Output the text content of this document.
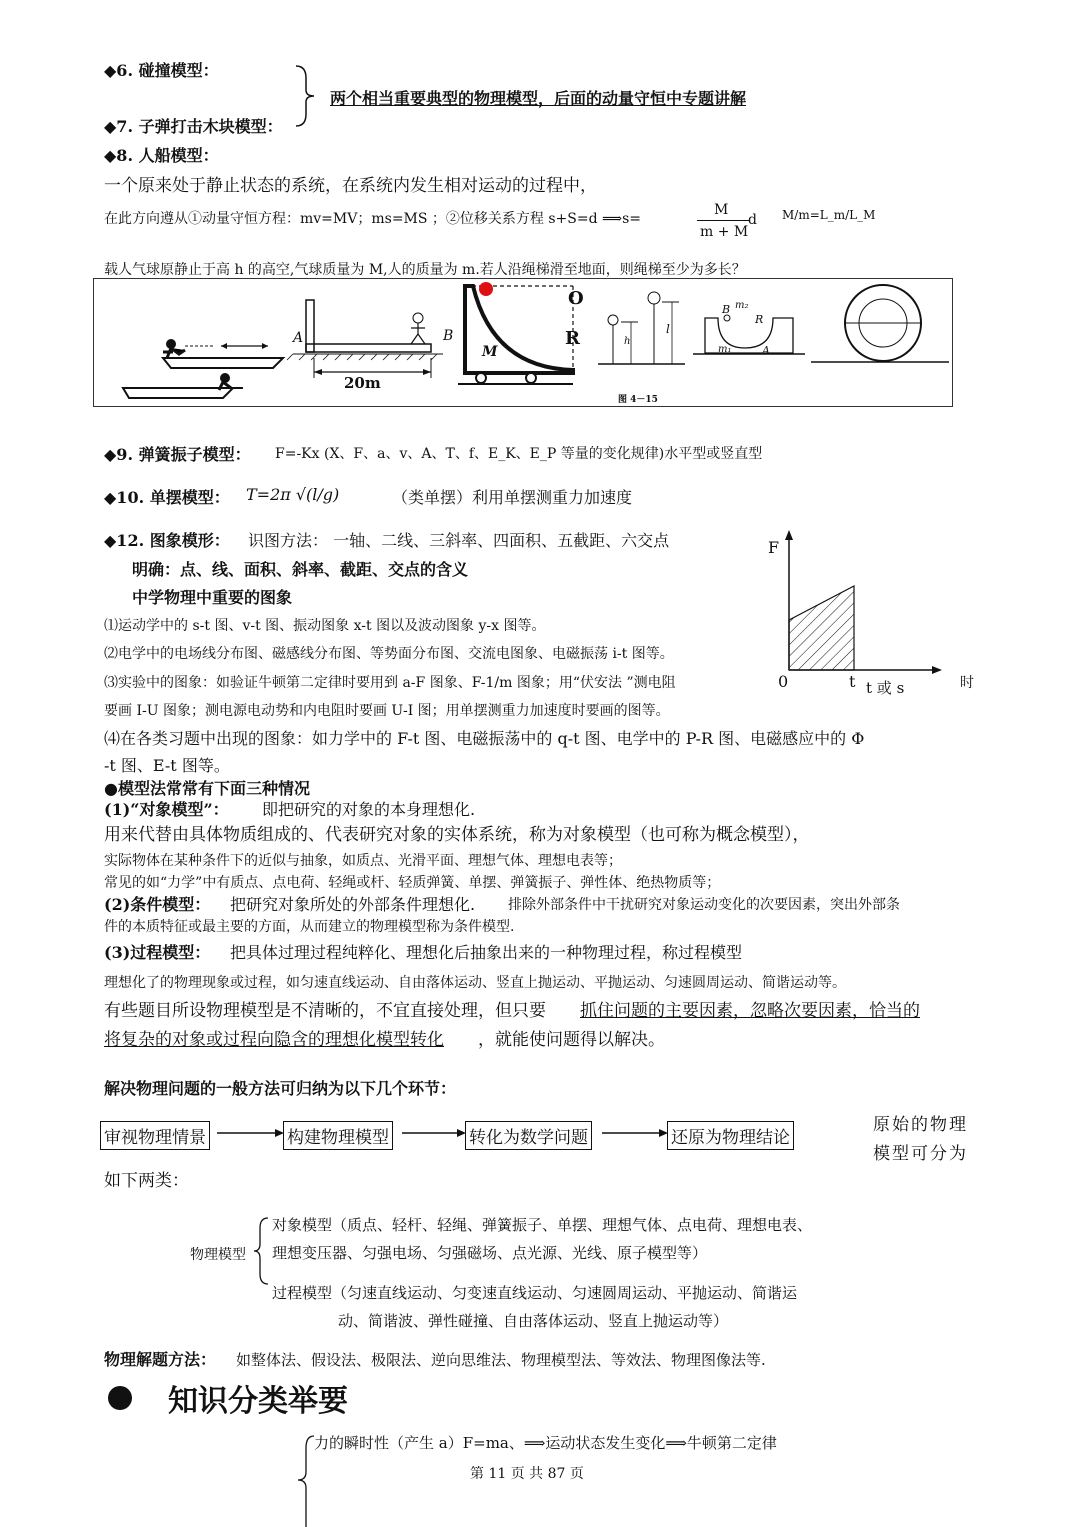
◆6. 碰撞模型：
◆7. 子弹打击木块模型：
两个相当重要典型的物理模型，后面的动量守恒中专题讲解
◆8. 人船模型：
一个原来处于静止状态的系统，在系统内发生相对运动的过程中，
在此方向遵从①动量守恒方程：mv=MV；ms=MS ；②位移关系方程 s+S=d ⟹s=
M
m + M
d M/m=L_m/L_M
载人气球原静止于高 h 的高空,气球质量为 M,人的质量为 m.若人沿绳梯滑至地面，则绳梯至少为多长？
A	B
M
20m
O
R	h
l
B m₂
R
m₁	A
图 4－15
◆9. 弹簧振子模型： F=-Kx (X、F、a、v、A、T、f、E_K、E_P 等量的变化规律)水平型或竖直型
◆10. 单摆模型： T=2π √(l/g)	（类单摆）利用单摆测重力加速度
◆12. 图象模形： 识图方法： 一轴、二线、三斜率、四面积、五截距、六交点
明确：点、线、面积、斜率、截距、交点的含义
中学物理中重要的图象
⑴运动学中的 s-t 图、v-t 图、振动图象 x-t 图以及波动图象 y-x 图等。
⑵电学中的电场线分布图、磁感线分布图、等势面分布图、交流电图象、电磁振荡 i-t 图等。
⑶实验中的图象：如验证牛顿第二定律时要用到 a-F 图象、F-1/m 图象；用“伏安法 ”测电阻	时
要画 I-U 图象；测电源电动势和内电阻时要画 U-I 图；用单摆测重力加速度时要画的图等。
⑷在各类习题中出现的图象：如力学中的 F-t 图、电磁振荡中的 q-t 图、电学中的 P-R 图、电磁感应中的 Φ
-t 图、E-t 图等。
F
0	t t 或 s
●模型法常常有下面三种情况
(1)“对象模型”： 即把研究的对象的本身理想化.
用来代替由具体物质组成的、代表研究对象的实体系统，称为对象模型（也可称为概念模型），
实际物体在某种条件下的近似与抽象，如质点、光滑平面、理想气体、理想电表等；
常见的如“力学”中有质点、点电荷、轻绳或杆、轻质弹簧、单摆、弹簧振子、弹性体、绝热物质等；
(2)条件模型： 把研究对象所处的外部条件理想化. 排除外部条件中干扰研究对象运动变化的次要因素，突出外部条
件的本质特征或最主要的方面，从而建立的物理模型称为条件模型.
(3)过程模型： 把具体过理过程纯粹化、理想化后抽象出来的一种物理过程，称过程模型
理想化了的物理现象或过程，如匀速直线运动、自由落体运动、竖直上抛运动、平抛运动、匀速圆周运动、简谐运动等。
有些题目所设物理模型是不清晰的，不宜直接处理，但只要 抓住问题的主要因素，忽略次要因素，恰当的
将复杂的对象或过程向隐含的理想化模型转化 ，就能使问题得以解决。
解决物理问题的一般方法可归纳为以下几个环节：
审视物理情景	构建物理模型	转化为数学问题	还原为物理结论
原始的物理
模型可分为
如下两类：
物理模型
对象模型（质点、轻杆、轻绳、弹簧振子、单摆、理想气体、点电荷、理想电表、
理想变压器、匀强电场、匀强磁场、点光源、光线、原子模型等）
过程模型（匀速直线运动、匀变速直线运动、匀速圆周运动、平抛运动、简谐运
动、简谐波、弹性碰撞、自由落体运动、竖直上抛运动等）
物理解题方法： 如整体法、假设法、极限法、逆向思维法、物理模型法、等效法、物理图像法等.
知识分类举要
力的瞬时性（产生 a）F=ma、⟹运动状态发生变化⟹牛顿第二定律
第 11 页 共 87 页
